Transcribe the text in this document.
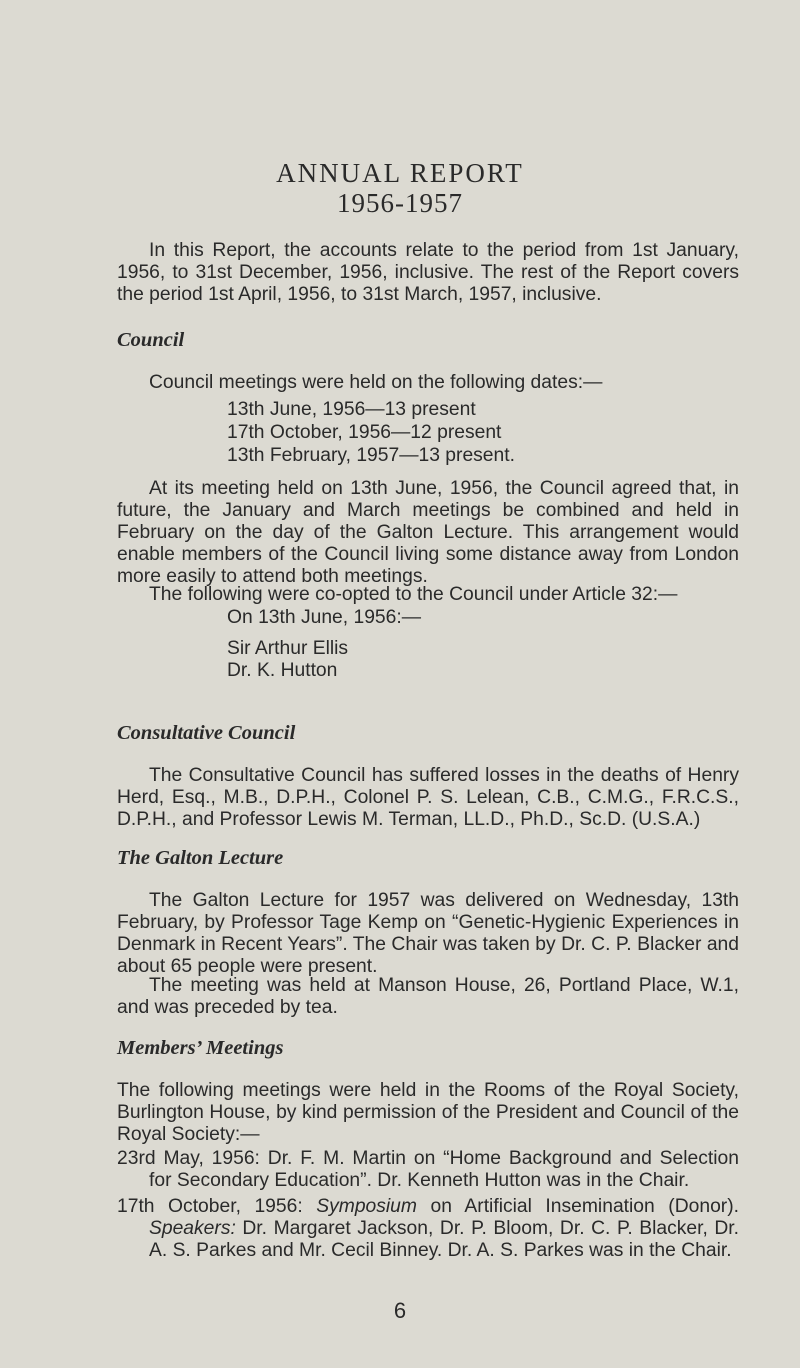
ANNUAL REPORT
1956-1957
In this Report, the accounts relate to the period from 1st January, 1956, to 31st December, 1956, inclusive. The rest of the Report covers the period 1st April, 1956, to 31st March, 1957, inclusive.
Council
Council meetings were held on the following dates:—
13th June, 1956—13 present
17th October, 1956—12 present
13th February, 1957—13 present.
At its meeting held on 13th June, 1956, the Council agreed that, in future, the January and March meetings be combined and held in February on the day of the Galton Lecture. This arrangement would enable members of the Council living some distance away from London more easily to attend both meetings.
The following were co-opted to the Council under Article 32:—
On 13th June, 1956:—
Sir Arthur Ellis
Dr. K. Hutton
Consultative Council
The Consultative Council has suffered losses in the deaths of Henry Herd, Esq., M.B., D.P.H., Colonel P. S. Lelean, C.B., C.M.G., F.R.C.S., D.P.H., and Professor Lewis M. Terman, LL.D., Ph.D., Sc.D. (U.S.A.)
The Galton Lecture
The Galton Lecture for 1957 was delivered on Wednesday, 13th February, by Professor Tage Kemp on “Genetic-Hygienic Experiences in Denmark in Recent Years”. The Chair was taken by Dr. C. P. Blacker and about 65 people were present.
The meeting was held at Manson House, 26, Portland Place, W.1, and was preceded by tea.
Members’ Meetings
The following meetings were held in the Rooms of the Royal Society, Burlington House, by kind permission of the President and Council of the Royal Society:—
23rd May, 1956: Dr. F. M. Martin on “Home Background and Selection for Secondary Education”. Dr. Kenneth Hutton was in the Chair.
17th October, 1956: Symposium on Artificial Insemination (Donor). Speakers: Dr. Margaret Jackson, Dr. P. Bloom, Dr. C. P. Blacker, Dr. A. S. Parkes and Mr. Cecil Binney. Dr. A. S. Parkes was in the Chair.
6
